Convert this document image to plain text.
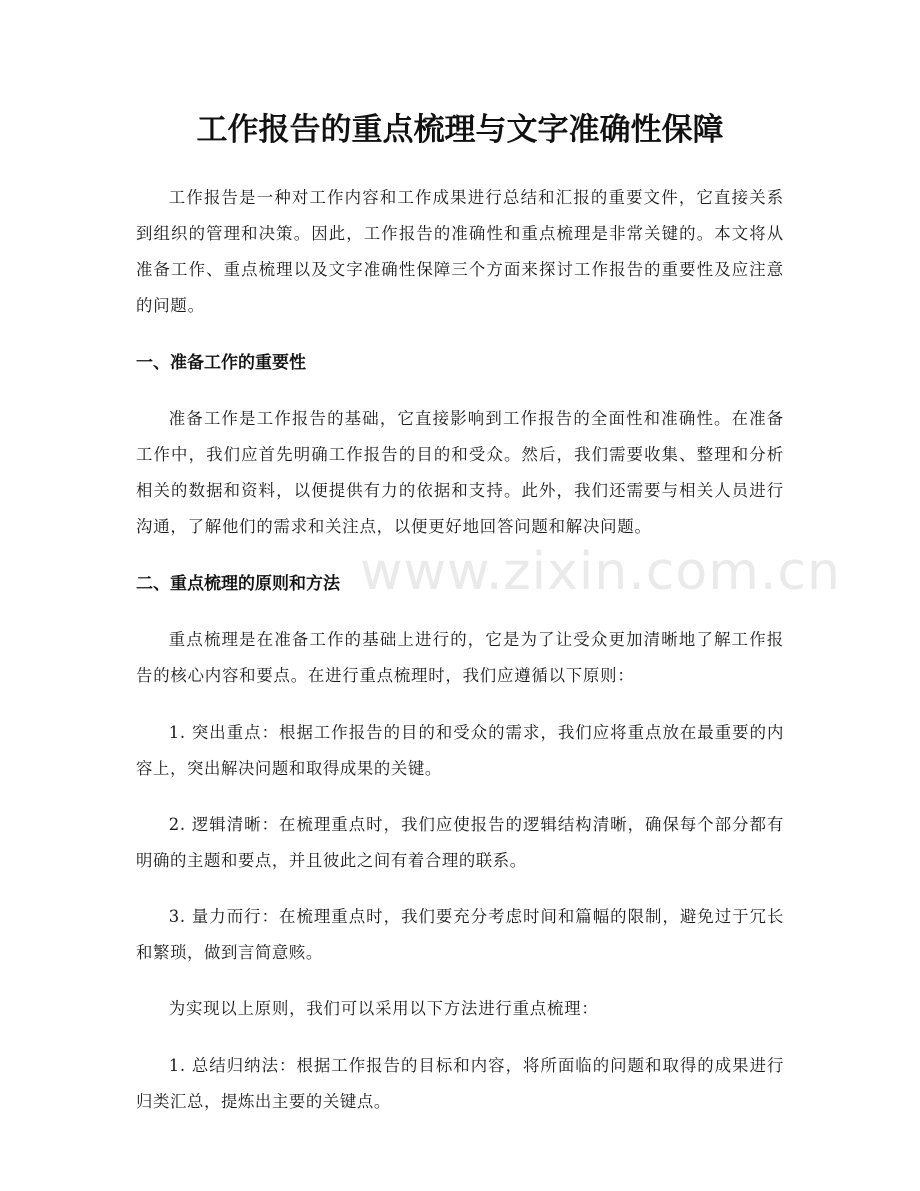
工作报告的重点梳理与文字准确性保障

工作报告是一种对工作内容和工作成果进行总结和汇报的重要文件，它直接关系到组织的管理和决策。因此，工作报告的准确性和重点梳理是非常关键的。本文将从准备工作、重点梳理以及文字准确性保障三个方面来探讨工作报告的重要性及应注意的问题。

一、准备工作的重要性

准备工作是工作报告的基础，它直接影响到工作报告的全面性和准确性。在准备工作中，我们应首先明确工作报告的目的和受众。然后，我们需要收集、整理和分析相关的数据和资料，以便提供有力的依据和支持。此外，我们还需要与相关人员进行沟通，了解他们的需求和关注点，以便更好地回答问题和解决问题。

二、重点梳理的原则和方法

重点梳理是在准备工作的基础上进行的，它是为了让受众更加清晰地了解工作报告的核心内容和要点。在进行重点梳理时，我们应遵循以下原则：

1. 突出重点：根据工作报告的目的和受众的需求，我们应将重点放在最重要的内容上，突出解决问题和取得成果的关键。

2. 逻辑清晰：在梳理重点时，我们应使报告的逻辑结构清晰，确保每个部分都有明确的主题和要点，并且彼此之间有着合理的联系。

3. 量力而行：在梳理重点时，我们要充分考虑时间和篇幅的限制，避免过于冗长和繁琐，做到言简意赅。

为实现以上原则，我们可以采用以下方法进行重点梳理：

1. 总结归纳法：根据工作报告的目标和内容，将所面临的问题和取得的成果进行归类汇总，提炼出主要的关键点。

www.zixin.com.cn
